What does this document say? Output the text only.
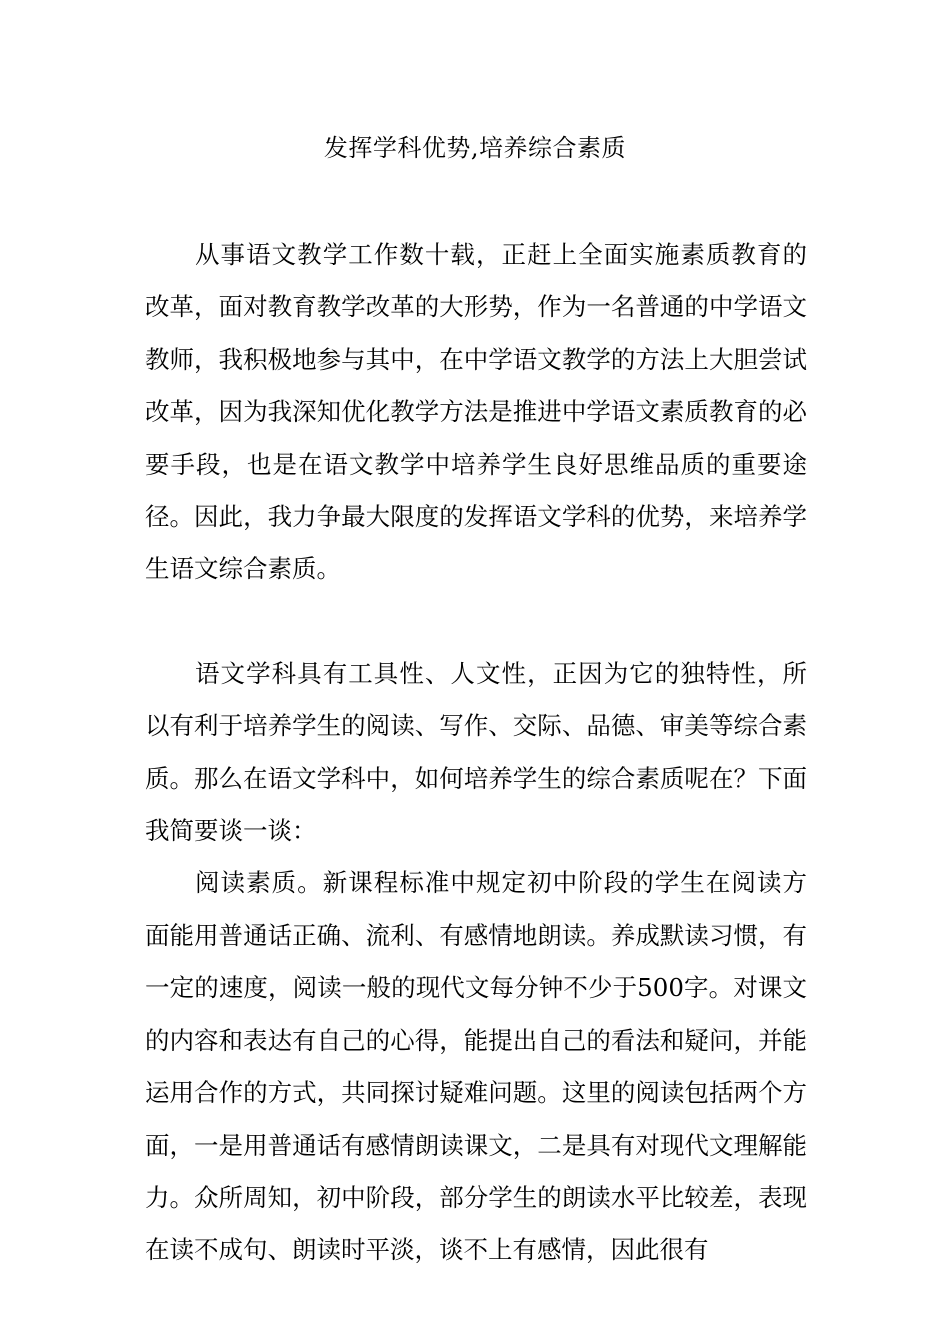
发挥学科优势,培养综合素质

从事语文教学工作数十载，正赶上全面实施素质教育的改革，面对教育教学改革的大形势，作为一名普通的中学语文教师，我积极地参与其中，在中学语文教学的方法上大胆尝试改革，因为我深知优化教学方法是推进中学语文素质教育的必要手段，也是在语文教学中培养学生良好思维品质的重要途径。因此，我力争最大限度的发挥语文学科的优势，来培养学生语文综合素质。

语文学科具有工具性、人文性，正因为它的独特性，所以有利于培养学生的阅读、写作、交际、品德、审美等综合素质。那么在语文学科中，如何培养学生的综合素质呢在？下面我简要谈一谈：

阅读素质。新课程标准中规定初中阶段的学生在阅读方面能用普通话正确、流利、有感情地朗读。养成默读习惯，有一定的速度，阅读一般的现代文每分钟不少于500字。对课文的内容和表达有自己的心得，能提出自己的看法和疑问，并能运用合作的方式，共同探讨疑难问题。这里的阅读包括两个方面，一是用普通话有感情朗读课文，二是具有对现代文理解能力。众所周知，初中阶段，部分学生的朗读水平比较差，表现在读不成句、朗读时平淡，谈不上有感情，因此很有
